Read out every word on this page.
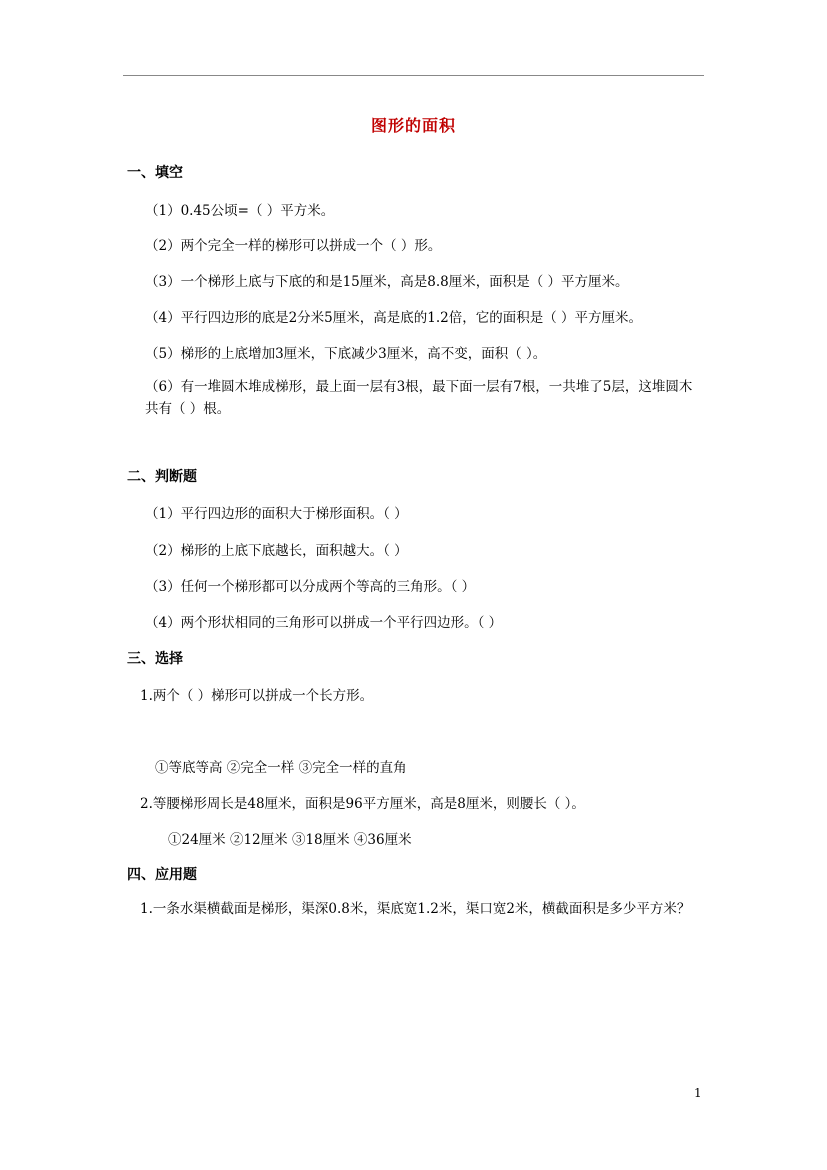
图形的面积
一、填空
（1）0.45公顷=（ ）平方米。
（2）两个完全一样的梯形可以拼成一个（ ）形。
（3）一个梯形上底与下底的和是15厘米，高是8.8厘米，面积是（ ）平方厘米。
（4）平行四边形的底是2分米5厘米，高是底的1.2倍，它的面积是（ ）平方厘米。
（5）梯形的上底增加3厘米，下底减少3厘米，高不变，面积（ ）。
（6）有一堆圆木堆成梯形，最上面一层有3根，最下面一层有7根，一共堆了5层，这堆圆木共有（ ）根。
二、判断题
（1）平行四边形的面积大于梯形面积。（ ）
（2）梯形的上底下底越长，面积越大。（ ）
（3）任何一个梯形都可以分成两个等高的三角形。（ ）
（4）两个形状相同的三角形可以拼成一个平行四边形。（ ）
三、选择
1.两个（ ）梯形可以拼成一个长方形。
①等底等高 ②完全一样 ③完全一样的直角
2.等腰梯形周长是48厘米，面积是96平方厘米，高是8厘米，则腰长（ ）。
①24厘米 ②12厘米 ③18厘米 ④36厘米
四、应用题
1.一条水渠横截面是梯形，渠深0.8米，渠底宽1.2米，渠口宽2米，横截面积是多少平方米？
1
